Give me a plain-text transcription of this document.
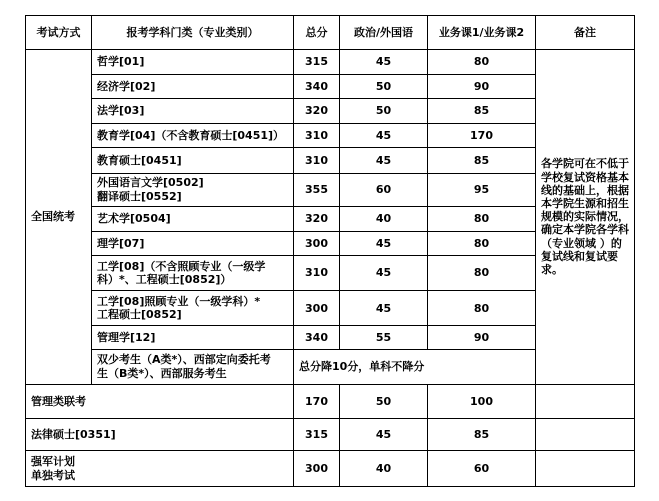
考试方式	报考学科门类（专业类别）	总分	政治/外国语	业务课1/业务课2	备注
全国统考	哲学[01]	315	45	80	各学院可在不低于学校复试资格基本线的基础上，根据本学院生源和招生规模的实际情况，确定本学院各学科（专业领域 ）的复试线和复试要求。

	经济学[02]	340	50	90	

	法学[03]	320	50	85	

	教育学[04]（不含教育硕士[0451]）	310	45	170	

	教育硕士[0451]	310	45	85	

	外国语言文学[0502]
翻译硕士[0552]	355	60	95	

	艺术学[0504]	320	40	80	

	理学[07]	300	45	80	

	工学[08]（不含照顾专业（一级学
科）*、工程硕士[0852]）	310	45	80	

	工学[08]照顾专业（一级学科）*
工程硕士[0852]	300	45	80	

	管理学[12]	340	55	90	

	双少考生（A类*）、西部定向委托考
生（B类*）、西部服务考生	总分降10分，单科不降分			

管理类联考		170	50	100	

法律硕士[0351]		315	45	85	

强军计划
单独考试		300	40	60	
